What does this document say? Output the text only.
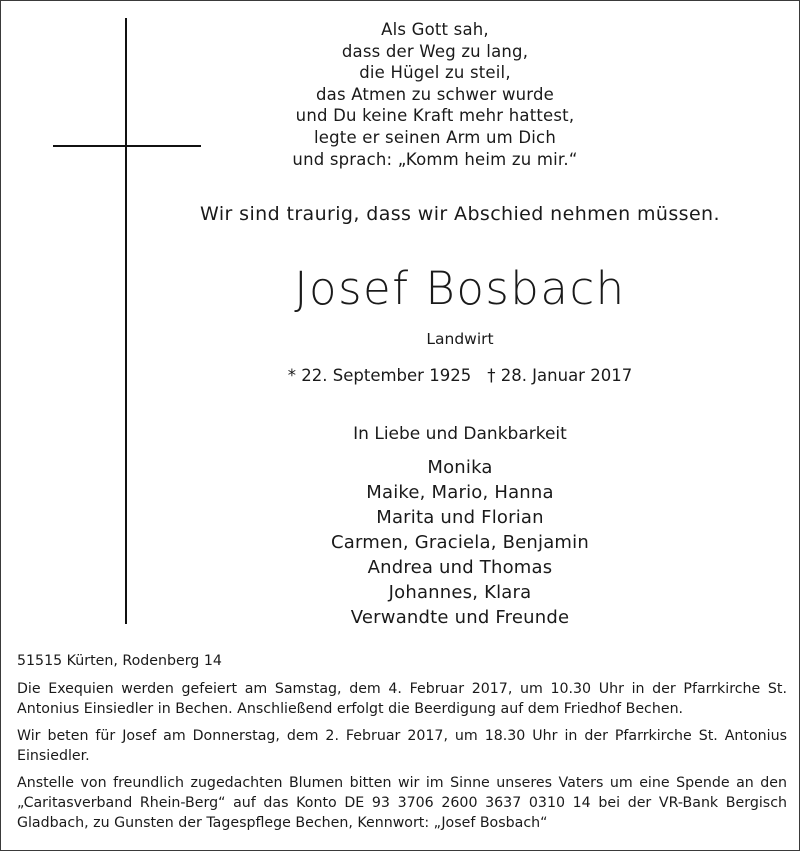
Als Gott sah,
dass der Weg zu lang,
die Hügel zu steil,
das Atmen zu schwer wurde
und Du keine Kraft mehr hattest,
legte er seinen Arm um Dich
und sprach: „Komm heim zu mir.“
Wir sind traurig, dass wir Abschied nehmen müssen.
Josef Bosbach
Landwirt
* 22. September 1925 † 28. Januar 2017
In Liebe und Dankbarkeit
Monika
Maike, Mario, Hanna
Marita und Florian
Carmen, Graciela, Benjamin
Andrea und Thomas
Johannes, Klara
Verwandte und Freunde

51515 Kürten, Rodenberg 14

Die Exequien werden gefeiert am Samstag, dem 4. Februar 2017, um 10.30 Uhr in der Pfarrkirche St. Antonius Einsiedler in Bechen. Anschließend erfolgt die Beerdigung auf dem Friedhof Bechen.

Wir beten für Josef am Donnerstag, dem 2. Februar 2017, um 18.30 Uhr in der Pfarrkirche St. Antonius Einsiedler.

Anstelle von freundlich zugedachten Blumen bitten wir im Sinne unseres Vaters um eine Spende an den „Caritasverband Rhein-Berg“ auf das Konto DE 93 3706 2600 3637 0310 14 bei der VR-Bank Bergisch Gladbach, zu Gunsten der Tagespflege Bechen, Kennwort: „Josef Bosbach“
